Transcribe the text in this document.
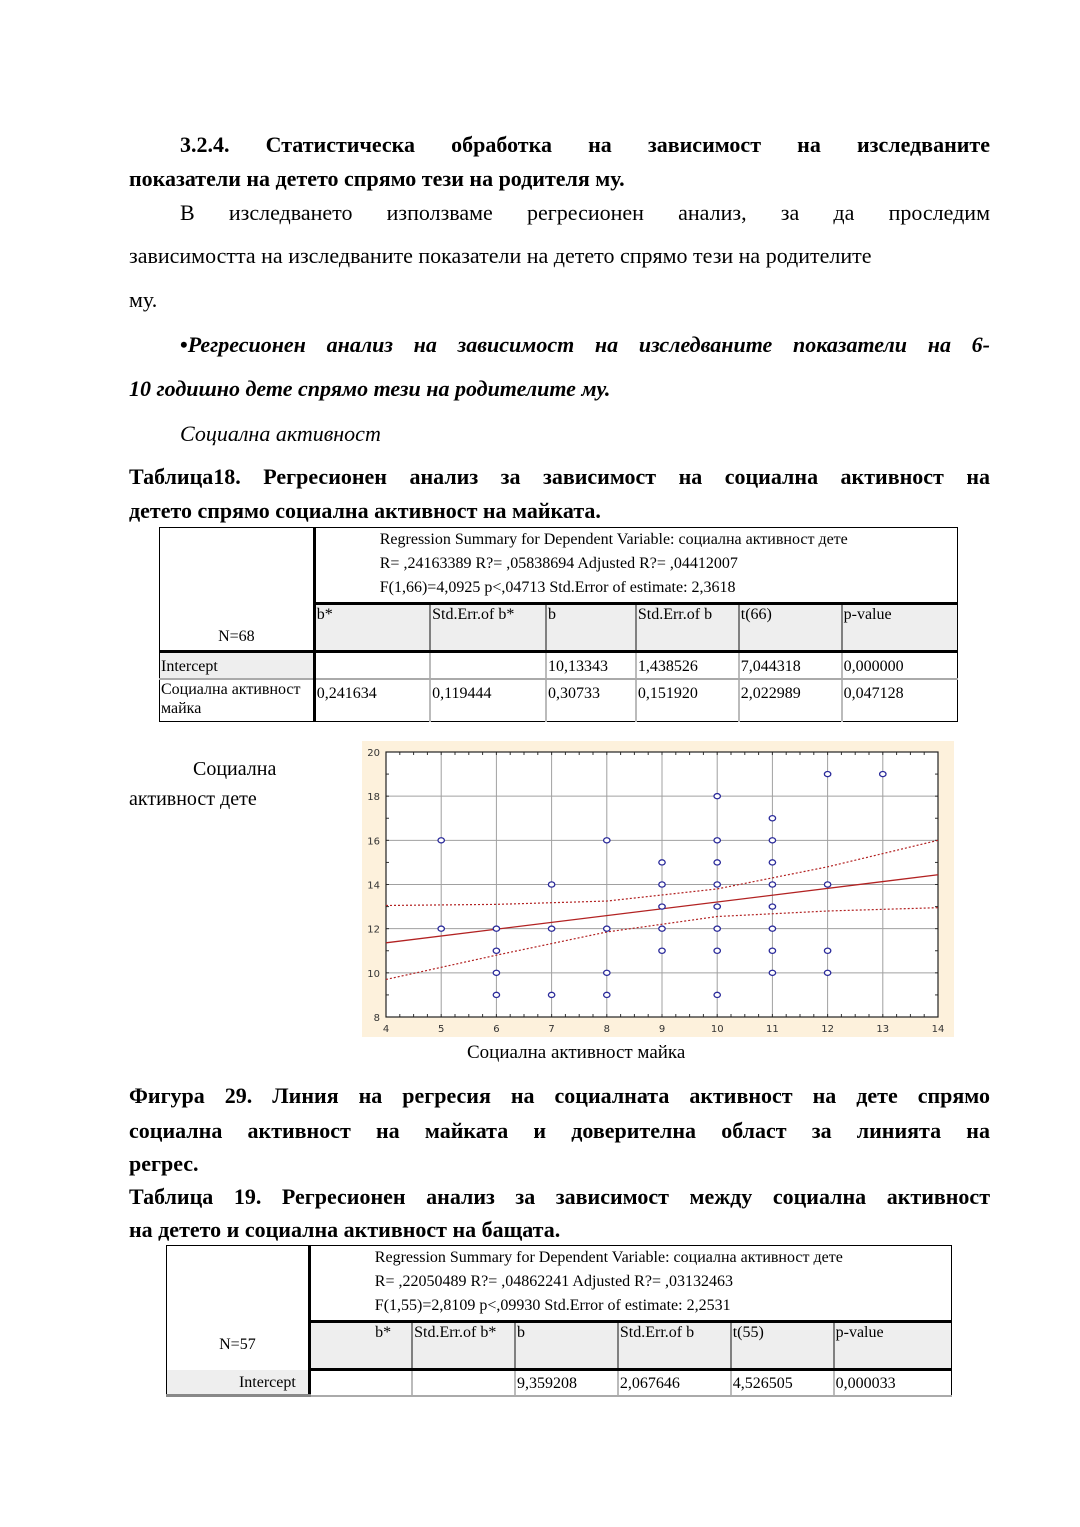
3.2.4. Статистическа обработка на зависимост на изследваните
показатели на детето спрямо тези на родителя му.
В изследването използваме регресионен анализ, за да проследим
зависимостта на изследваните показатели на детето спрямо тези на родителите
му.
•Регресионен анализ на зависимост на изследваните показатели на 6-
10 годишно дете спрямо тези на родителите му.
Социална активност
Таблица18. Регресионен анализ за зависимост на социална активност на
детето спрямо социална активност на майката.
N=68	Regression Summary for Dependent Variable: социална активност дете
R= ,24163389 R?= ,05838694 Adjusted R?= ,04412007
F(1,66)=4,0925 p<,04713 Std.Error of estimate: 2,3618					

	b*	Std.Err.of b*	b	Std.Err.of b	t(66)	p-value
Intercept			10,13343	1,438526	7,044318	0,000000
Социална активност майка	0,241634	0,119444	0,30733	0,151920	2,022989	0,047128
Социална
активност дете
4	5	6	7	8	9	10	11	12	13	14
8
10
12
14
16
18
20
Социална активност майка
Фигура 29. Линия на регресия на социалната активност на дете спрямо
социална активност на майката и доверителна област за линията на
регрес.
Таблица 19. Регресионен анализ за зависимост между социална активност
на детето и социална активност на бащата.
N=57	Regression Summary for Dependent Variable: социална активност дете
R= ,22050489 R?= ,04862241 Adjusted R?= ,03132463
F(1,55)=2,8109 p<,09930 Std.Error of estimate: 2,2531					

	b*	Std.Err.of b*	b	Std.Err.of b	t(55)	p-value
Intercept			9,359208	2,067646	4,526505	0,000033
